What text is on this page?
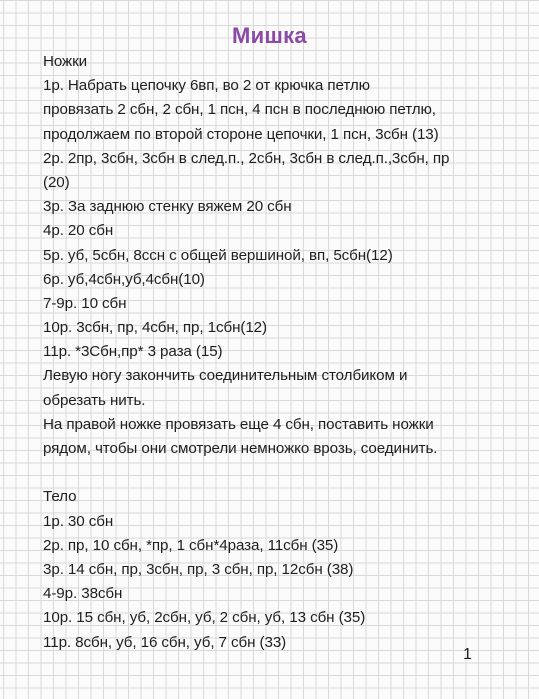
Мишка
Ножки
1р. Набрать цепочку 6вп, во 2 от крючка петлю
провязать 2 сбн, 2 сбн, 1 псн, 4 псн в последнюю петлю,
продолжаем по второй стороне цепочки, 1 псн, 3сбн (13)
2р. 2пр, 3сбн, 3сбн в след.п., 2сбн, 3сбн в след.п.,3сбн, пр
(20)
3р. За заднюю стенку вяжем 20 сбн
4р. 20 сбн
5р. уб, 5сбн, 8ссн с общей вершиной, вп, 5сбн(12)
6р. уб,4сбн,уб,4сбн(10)
7-9р. 10 сбн
10р. 3сбн, пр, 4сбн, пр, 1сбн(12)
11р. *3Сбн,пр* 3 раза (15)
Левую ногу закончить соединительным столбиком и
обрезать нить.
На правой ножке провязать еще 4 сбн, поставить ножки
рядом, чтобы они смотрели немножко врозь, соединить.
Тело
1р. 30 сбн
2р. пр, 10 сбн, *пр, 1 сбн*4раза, 11сбн (35)
3р. 14 сбн, пр, 3сбн, пр, 3 сбн, пр, 12сбн (38)
4-9р. 38сбн
10р. 15 сбн, уб, 2сбн, уб, 2 сбн, уб, 13 сбн (35)
11р. 8сбн, уб, 16 сбн, уб, 7 сбн (33)
1
